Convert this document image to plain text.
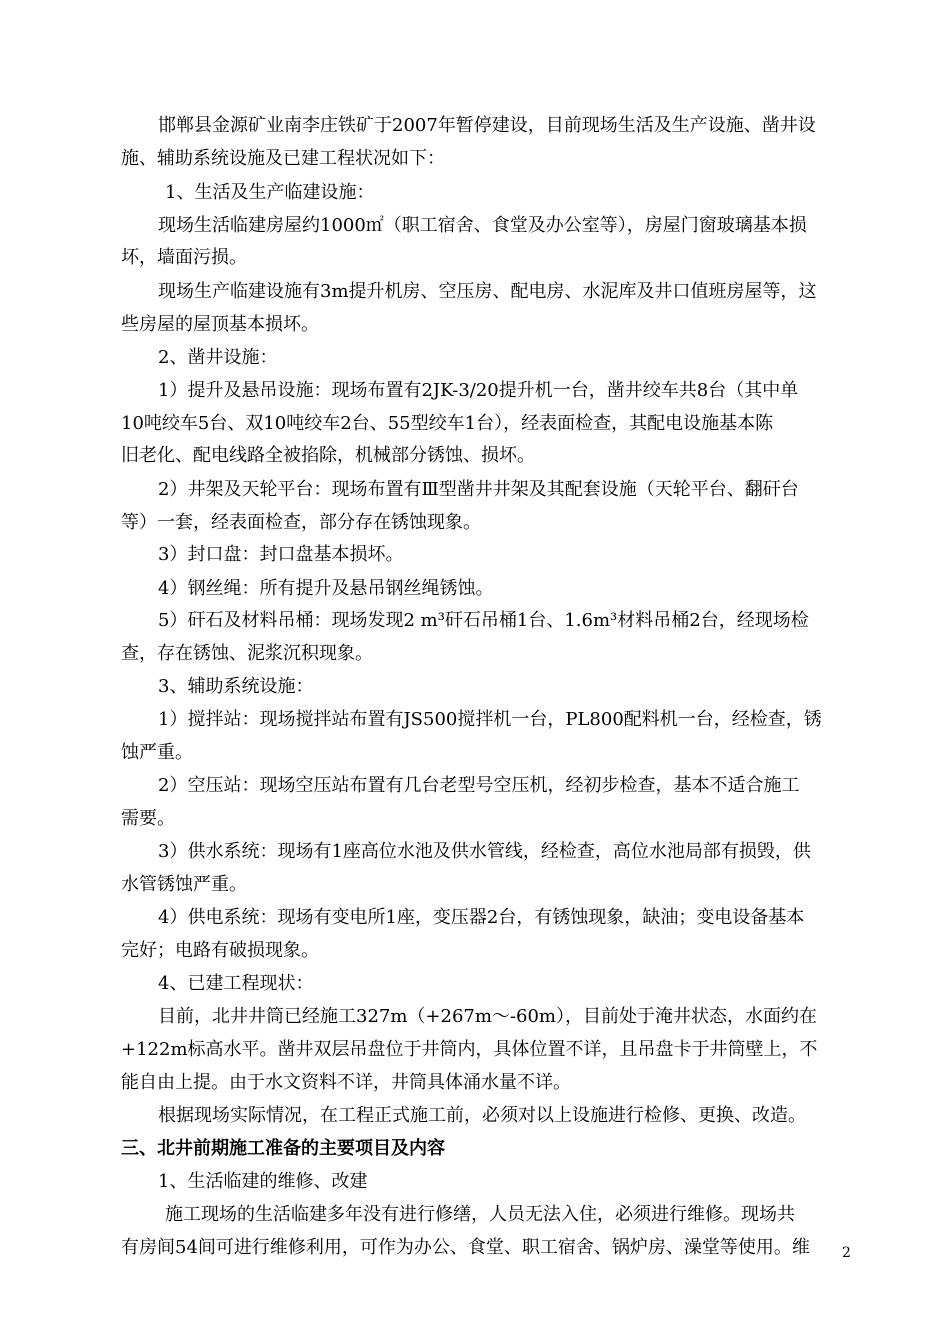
邯郸县金源矿业南李庄铁矿于2007年暂停建设，目前现场生活及生产设施、凿井设

施、辅助系统设施及已建工程状况如下：

1、生活及生产临建设施：

现场生活临建房屋约1000㎡（职工宿舍、食堂及办公室等），房屋门窗玻璃基本损

坏，墙面污损。

现场生产临建设施有3m提升机房、空压房、配电房、水泥库及井口值班房屋等，这

些房屋的屋顶基本损坏。

2、凿井设施：

1）提升及悬吊设施：现场布置有2JK-3/20提升机一台，凿井绞车共8台（其中单

10吨绞车5台、双10吨绞车2台、55型绞车1台），经表面检查，其配电设施基本陈

旧老化、配电线路全被掐除，机械部分锈蚀、损坏。

2）井架及天轮平台：现场布置有Ⅲ型凿井井架及其配套设施（天轮平台、翻矸台

等）一套，经表面检查，部分存在锈蚀现象。

3）封口盘：封口盘基本损坏。

4）钢丝绳：所有提升及悬吊钢丝绳锈蚀。

5）矸石及材料吊桶：现场发现2 m³矸石吊桶1台、1.6m³材料吊桶2台，经现场检

查，存在锈蚀、泥浆沉积现象。

3、辅助系统设施：

1）搅拌站：现场搅拌站布置有JS500搅拌机一台，PL800配料机一台，经检查，锈

蚀严重。

2）空压站：现场空压站布置有几台老型号空压机，经初步检查，基本不适合施工

需要。

3）供水系统：现场有1座高位水池及供水管线，经检查，高位水池局部有损毁，供

水管锈蚀严重。

4）供电系统：现场有变电所1座，变压器2台，有锈蚀现象，缺油；变电设备基本

完好；电路有破损现象。

4、已建工程现状：

目前，北井井筒已经施工327m（+267m～-60m），目前处于淹井状态，水面约在

+122m标高水平。凿井双层吊盘位于井筒内，具体位置不详，且吊盘卡于井筒壁上，不

能自由上提。由于水文资料不详，井筒具体涌水量不详。

根据现场实际情况，在工程正式施工前，必须对以上设施进行检修、更换、改造。

三、北井前期施工准备的主要项目及内容

1、生活临建的维修、改建

施工现场的生活临建多年没有进行修缮，人员无法入住，必须进行维修。现场共

有房间54间可进行维修利用，可作为办公、食堂、职工宿舍、锅炉房、澡堂等使用。维	2
